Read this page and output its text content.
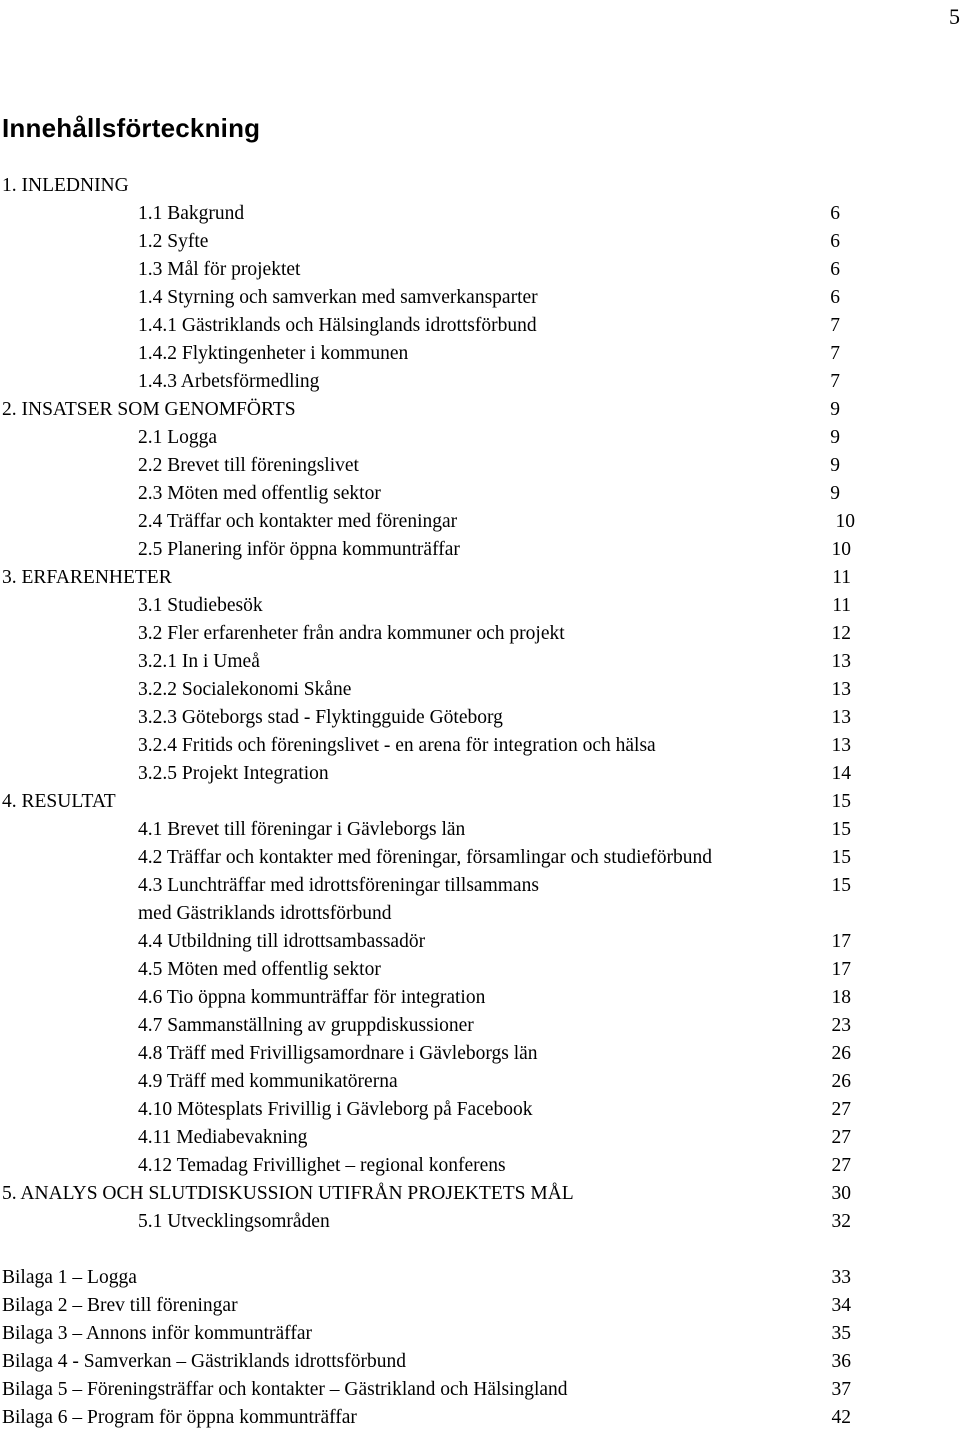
5
Innehållsförteckning
1. INLEDNING
1.1 Bakgrund	6
1.2 Syfte	6
1.3 Mål för projektet	6
1.4 Styrning och samverkan med samverkansparter	6
1.4.1 Gästriklands och Hälsinglands idrottsförbund	7
1.4.2 Flyktingenheter i kommunen	7
1.4.3 Arbetsförmedling	7
2. INSATSER SOM GENOMFÖRTS	9
2.1 Logga	9
2.2 Brevet till föreningslivet	9
2.3 Möten med offentlig sektor	9
2.4 Träffar och kontakter med föreningar	10
2.5 Planering inför öppna kommunträffar	10
3. ERFARENHETER	11
3.1 Studiebesök	11
3.2 Fler erfarenheter från andra kommuner och projekt	12
3.2.1 In i Umeå	13
3.2.2 Socialekonomi Skåne	13
3.2.3 Göteborgs stad - Flyktingguide Göteborg	13
3.2.4 Fritids och föreningslivet - en arena för integration och hälsa	13
3.2.5 Projekt Integration	14
4. RESULTAT	15
4.1 Brevet till föreningar i Gävleborgs län	15
4.2 Träffar och kontakter med föreningar, församlingar och studieförbund	15
4.3 Lunchträffar med idrottsföreningar tillsammans	15
med Gästriklands idrottsförbund
4.4 Utbildning till idrottsambassadör	17
4.5 Möten med offentlig sektor	17
4.6 Tio öppna kommunträffar för integration	18
4.7 Sammanställning av gruppdiskussioner	23
4.8 Träff med Frivilligsamordnare i Gävleborgs län	26
4.9 Träff med kommunikatörerna	26
4.10 Mötesplats Frivillig i Gävleborg på Facebook	27
4.11 Mediabevakning	27
4.12 Temadag Frivillighet – regional konferens	27
5. ANALYS OCH SLUTDISKUSSION UTIFRÅN PROJEKTETS MÅL	30
5.1 Utvecklingsområden	32
Bilaga 1 – Logga	33
Bilaga 2 – Brev till föreningar	34
Bilaga 3 – Annons inför kommunträffar	35
Bilaga 4 - Samverkan – Gästriklands idrottsförbund	36
Bilaga 5 – Föreningsträffar och kontakter – Gästrikland och Hälsingland	37
Bilaga 6 – Program för öppna kommunträffar	42
